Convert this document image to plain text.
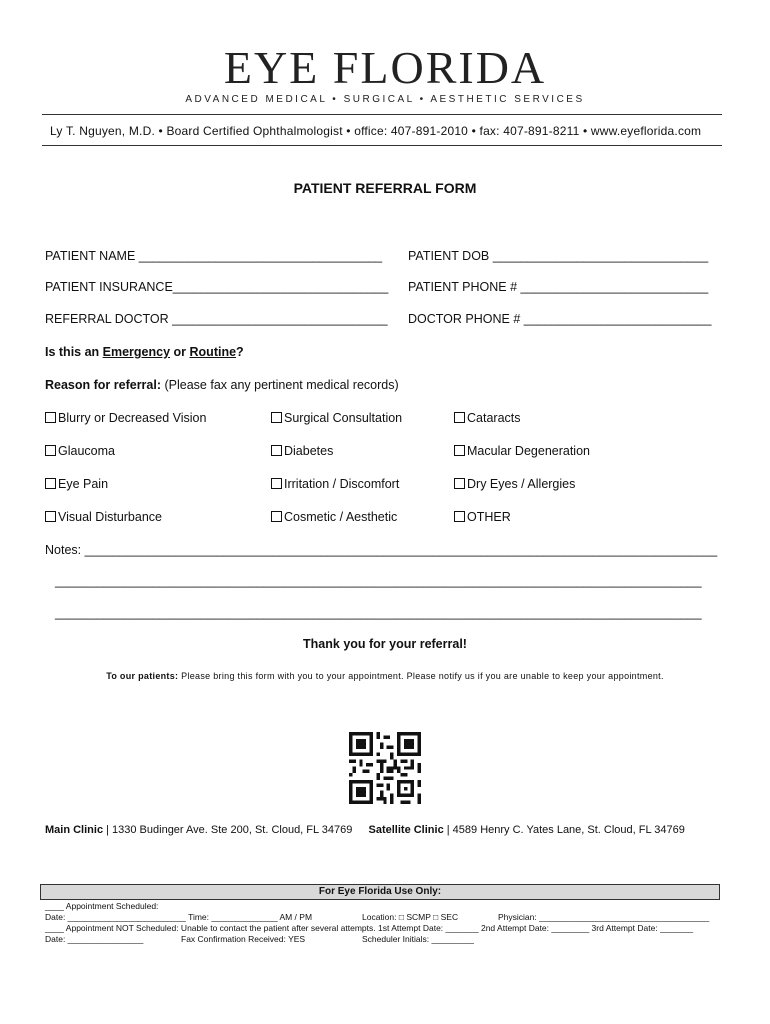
EYE FLORIDA
ADVANCED MEDICAL • SURGICAL • AESTHETIC SERVICES
Ly T. Nguyen, M.D. • Board Certified Ophthalmologist • office: 407-891-2010 • fax: 407-891-8211 • www.eyeflorida.com
PATIENT REFERRAL FORM
PATIENT NAME ___________________________________ PATIENT DOB _______________________________
PATIENT INSURANCE_______________________________ PATIENT PHONE # ___________________________
REFERRAL DOCTOR _______________________________ DOCTOR PHONE # ___________________________
Is this an Emergency or Routine?
Reason for referral: (Please fax any pertinent medical records)
Blurry or Decreased Vision	Surgical Consultation	Cataracts
Glaucoma	Diabetes	Macular Degeneration
Eye Pain	Irritation / Discomfort	Dry Eyes / Allergies
Visual Disturbance	Cosmetic / Aesthetic	OTHER
Notes: ___________________________________________________________________________________________
_____________________________________________________________________________________________
_____________________________________________________________________________________________
Thank you for your referral!
To our patients: Please bring this form with you to your appointment. Please notify us if you are unable to keep your appointment.
Main Clinic | 1330 Budinger Ave. Ste 200, St. Cloud, FL 34769 Satellite Clinic | 4589 Henry C. Yates Lane, St. Cloud, FL 34769
For Eye Florida Use Only:
____ Appointment Scheduled:
Date: _________________________ Time: ______________ AM / PM	Location: □ SCMP □ SEC	Physician: ____________________________________
____ Appointment NOT Scheduled: Unable to contact the patient after several attempts. 1st Attempt Date: _______ 2nd Attempt Date: ________ 3rd Attempt Date: _______
Date: ________________	Fax Confirmation Received: YES	Scheduler Initials: _________
